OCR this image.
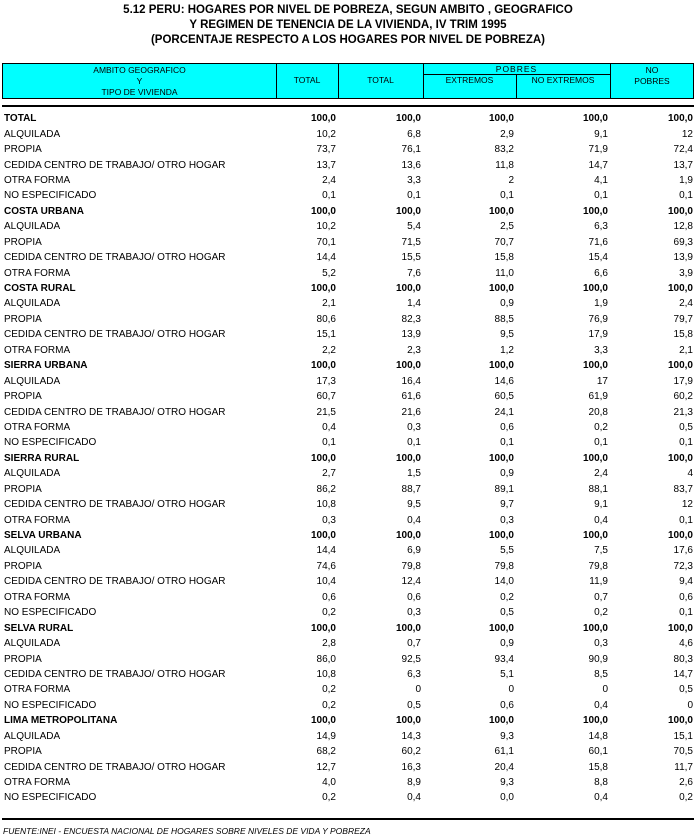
5.12 PERU: HOGARES POR NIVEL DE POBREZA, SEGUN AMBITO , GEOGRAFICO
Y REGIMEN DE TENENCIA DE LA VIVIENDA, IV TRIM 1995
(PORCENTAJE RESPECTO A LOS HOGARES POR NIVEL DE POBREZA)
AMBITO GEOGRAFICO
Y
TIPO DE VIVIENDA
TOTAL	TOTAL
POBRES
EXTREMOS	NO EXTREMOS
NO
POBRES
TOTAL	100,0	100,0	100,0	100,0	100,0
ALQUILADA	10,2	6,8	2,9	9,1	12
PROPIA	73,7	76,1	83,2	71,9	72,4
CEDIDA CENTRO DE TRABAJO/ OTRO HOGAR	13,7	13,6	11,8	14,7	13,7
OTRA FORMA	2,4	3,3	2	4,1	1,9
NO ESPECIFICADO	0,1	0,1	0,1	0,1	0,1
COSTA URBANA	100,0	100,0	100,0	100,0	100,0
ALQUILADA	10,2	5,4	2,5	6,3	12,8
PROPIA	70,1	71,5	70,7	71,6	69,3
CEDIDA CENTRO DE TRABAJO/ OTRO HOGAR	14,4	15,5	15,8	15,4	13,9
OTRA FORMA	5,2	7,6	11,0	6,6	3,9
COSTA RURAL	100,0	100,0	100,0	100,0	100,0
ALQUILADA	2,1	1,4	0,9	1,9	2,4
PROPIA	80,6	82,3	88,5	76,9	79,7
CEDIDA CENTRO DE TRABAJO/ OTRO HOGAR	15,1	13,9	9,5	17,9	15,8
OTRA FORMA	2,2	2,3	1,2	3,3	2,1
SIERRA URBANA	100,0	100,0	100,0	100,0	100,0
ALQUILADA	17,3	16,4	14,6	17	17,9
PROPIA	60,7	61,6	60,5	61,9	60,2
CEDIDA CENTRO DE TRABAJO/ OTRO HOGAR	21,5	21,6	24,1	20,8	21,3
OTRA FORMA	0,4	0,3	0,6	0,2	0,5
NO ESPECIFICADO	0,1	0,1	0,1	0,1	0,1
SIERRA RURAL	100,0	100,0	100,0	100,0	100,0
ALQUILADA	2,7	1,5	0,9	2,4	4
PROPIA	86,2	88,7	89,1	88,1	83,7
CEDIDA CENTRO DE TRABAJO/ OTRO HOGAR	10,8	9,5	9,7	9,1	12
OTRA FORMA	0,3	0,4	0,3	0,4	0,1
SELVA URBANA	100,0	100,0	100,0	100,0	100,0
ALQUILADA	14,4	6,9	5,5	7,5	17,6
PROPIA	74,6	79,8	79,8	79,8	72,3
CEDIDA CENTRO DE TRABAJO/ OTRO HOGAR	10,4	12,4	14,0	11,9	9,4
OTRA FORMA	0,6	0,6	0,2	0,7	0,6
NO ESPECIFICADO	0,2	0,3	0,5	0,2	0,1
SELVA RURAL	100,0	100,0	100,0	100,0	100,0
ALQUILADA	2,8	0,7	0,9	0,3	4,6
PROPIA	86,0	92,5	93,4	90,9	80,3
CEDIDA CENTRO DE TRABAJO/ OTRO HOGAR	10,8	6,3	5,1	8,5	14,7
OTRA FORMA	0,2	0	0	0	0,5
NO ESPECIFICADO	0,2	0,5	0,6	0,4	0
LIMA METROPOLITANA	100,0	100,0	100,0	100,0	100,0
ALQUILADA	14,9	14,3	9,3	14,8	15,1
PROPIA	68,2	60,2	61,1	60,1	70,5
CEDIDA CENTRO DE TRABAJO/ OTRO HOGAR	12,7	16,3	20,4	15,8	11,7
OTRA FORMA	4,0	8,9	9,3	8,8	2,6
NO ESPECIFICADO	0,2	0,4	0,0	0,4	0,2
FUENTE:INEI - ENCUESTA NACIONAL DE HOGARES SOBRE NIVELES DE VIDA Y POBREZA
